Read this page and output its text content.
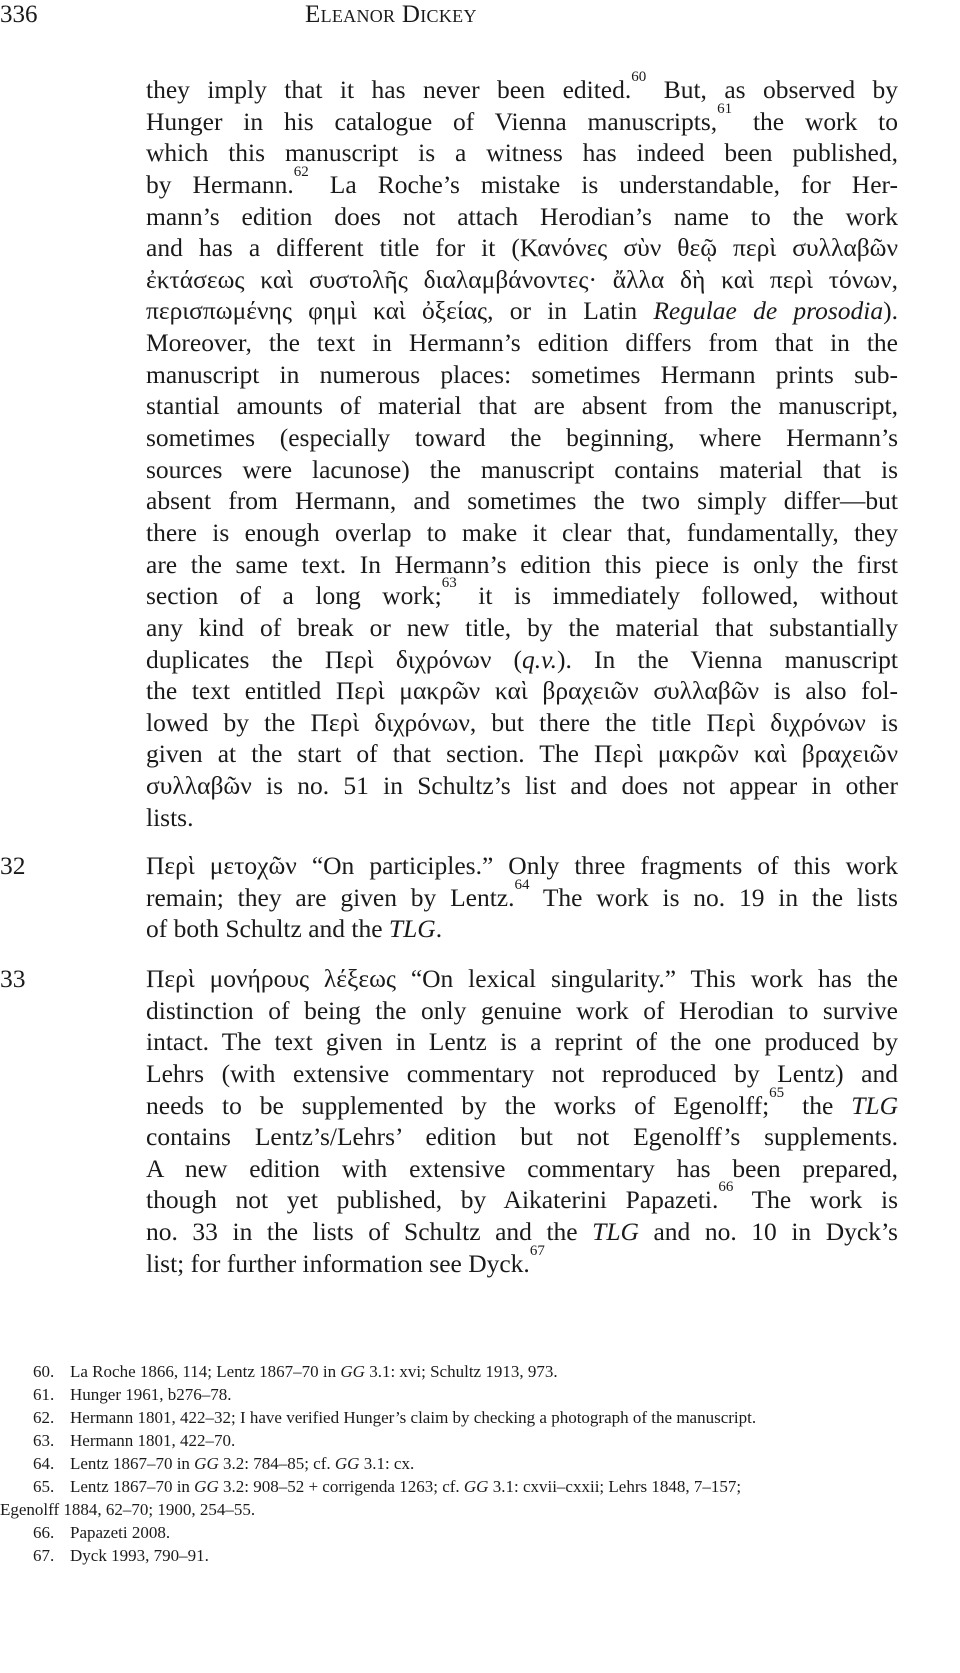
336	Eleanor Dickey
they imply that it has never been edited.$^{60}$ But, as observed by
Hunger in his catalogue of Vienna manuscripts,$^{61}$ the work to
which this manuscript is a witness has indeed been published,
by Hermann.$^{62}$ La Roche’s mistake is understandable, for Her-
mann’s edition does not attach Herodian’s name to the work
and has a different title for it (Κανόνες σὺν θεῷ περὶ συλλαβῶν
ἐκτάσεως καὶ συστολῆς διαλαμβάνοντες· ἄλλα δὴ καὶ περὶ τόνων,
περισπωμένης φημὶ καὶ ὀξείας, or in Latin Regulae de prosodia).
Moreover, the text in Hermann’s edition differs from that in the
manuscript in numerous places: sometimes Hermann prints sub-
stantial amounts of material that are absent from the manuscript,
sometimes (especially toward the beginning, where Hermann’s
sources were lacunose) the manuscript contains material that is
absent from Hermann, and sometimes the two simply differ—but
there is enough overlap to make it clear that, fundamentally, they
are the same text. In Hermann’s edition this piece is only the first
section of a long work;$^{63}$ it is immediately followed, without
any kind of break or new title, by the material that substantially
duplicates the Περὶ διχρόνων (q.v.). In the Vienna manuscript
the text entitled Περὶ μακρῶν καὶ βραχειῶν συλλαβῶν is also fol-
lowed by the Περὶ διχρόνων, but there the title Περὶ διχρόνων is
given at the start of that section. The Περὶ μακρῶν καὶ βραχειῶν
συλλαβῶν is no. 51 in Schultz’s list and does not appear in other
lists.
32	Περὶ μετοχῶν “On participles.” Only three fragments of this work
remain; they are given by Lentz.$^{64}$ The work is no. 19 in the lists
of both Schultz and the TLG.
33	Περὶ μονήρους λέξεως “On lexical singularity.” This work has the
distinction of being the only genuine work of Herodian to survive
intact. The text given in Lentz is a reprint of the one produced by
Lehrs (with extensive commentary not reproduced by Lentz) and
needs to be supplemented by the works of Egenolff;$^{65}$ the TLG
contains Lentz’s/Lehrs’ edition but not Egenolff’s supplements.
A new edition with extensive commentary has been prepared,
though not yet published, by Aikaterini Papazeti.$^{66}$ The work is
no. 33 in the lists of Schultz and the TLG and no. 10 in Dyck’s
list; for further information see Dyck.$^{67}$
60. La Roche 1866, 114; Lentz 1867–70 in GG 3.1: xvi; Schultz 1913, 973.
61. Hunger 1961, b276–78.
62. Hermann 1801, 422–32; I have verified Hunger’s claim by checking a photograph of the manuscript.
63. Hermann 1801, 422–70.
64. Lentz 1867–70 in GG 3.2: 784–85; cf. GG 3.1: cx.
65. Lentz 1867–70 in GG 3.2: 908–52 + corrigenda 1263; cf. GG 3.1: cxvii–cxxii; Lehrs 1848, 7–157;
Egenolff 1884, 62–70; 1900, 254–55.
66. Papazeti 2008.
67. Dyck 1993, 790–91.
